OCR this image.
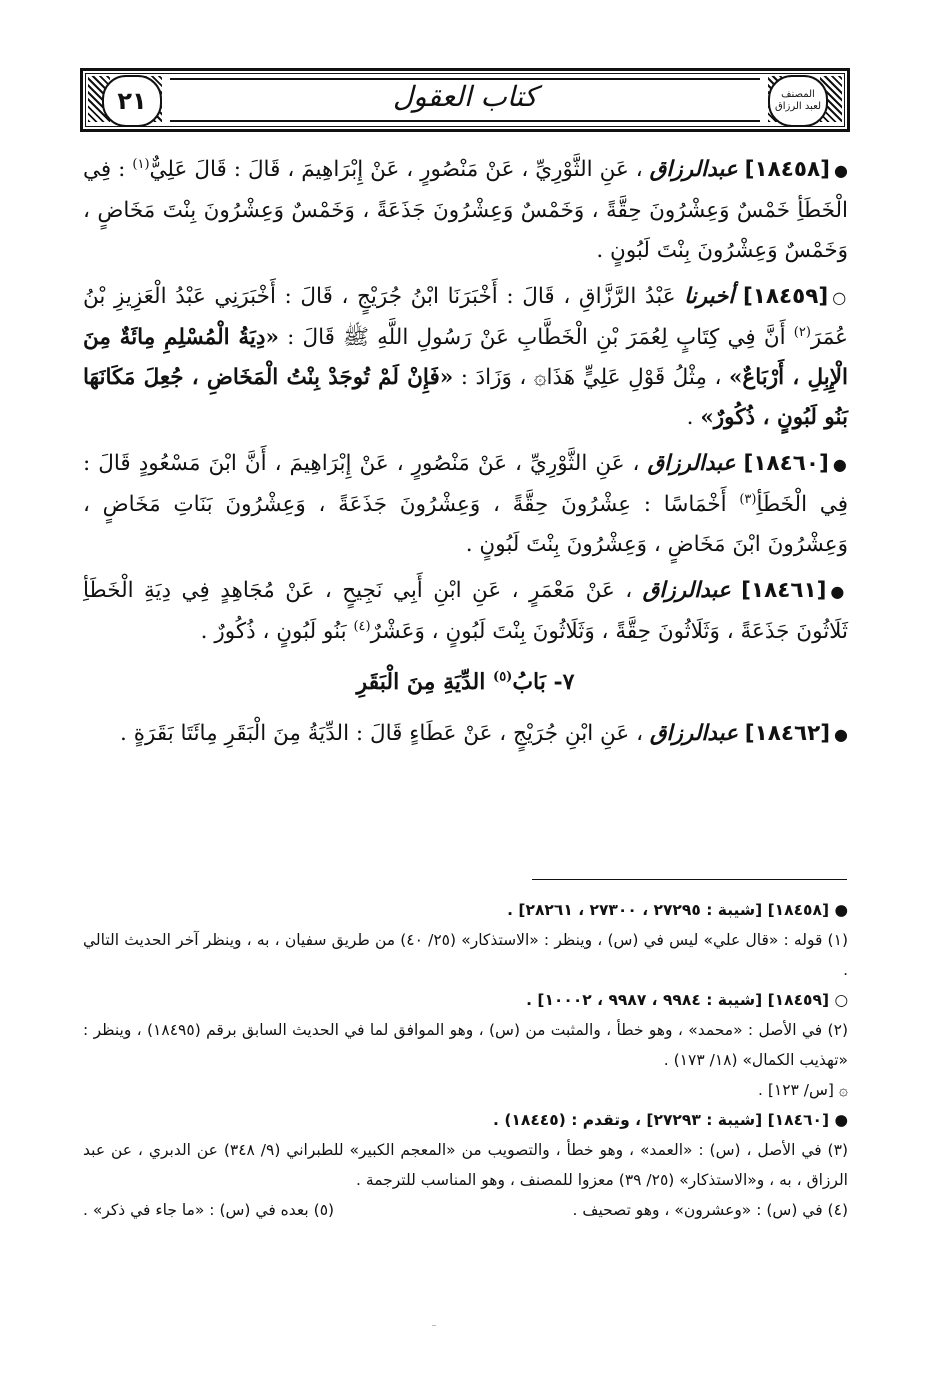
٢١	المصنف
لعبد الرزاق
كتاب العقول

●[١٨٤٥٨] عبدالرزاق ، عَنِ الثَّوْرِيِّ ، عَنْ مَنْصُورٍ ، عَنْ إِبْرَاهِيمَ ، قَالَ : قَالَ عَلِيٌّ$^{(١)}$ : فِي الْخَطَأِ خَمْسٌ وَعِشْرُونَ حِقَّةً ، وَخَمْسٌ وَعِشْرُونَ جَذَعَةً ، وَخَمْسٌ وَعِشْرُونَ بِنْتَ مَخَاضٍ ، وَخَمْسٌ وَعِشْرُونَ بِنْتَ لَبُونٍ .

○[١٨٤٥٩] أخبرنا عَبْدُ الرَّزَّاقِ ، قَالَ : أَخْبَرَنَا ابْنُ جُرَيْجٍ ، قَالَ : أَخْبَرَنِي عَبْدُ الْعَزِيزِ بْنُ عُمَرَ$^{(٢)}$ أَنَّ فِي كِتَابٍ لِعُمَرَ بْنِ الْخَطَّابِ عَنْ رَسُولِ اللَّهِ ﷺ قَالَ : «دِيَةُ الْمُسْلِمِ مِائَةٌ مِنَ الْإِبِلِ ، أَرْبَاعٌ» ، مِثْلُ قَوْلِ عَلِيٍّ هَذَا۞ ، وَزَادَ : «فَإِنْ لَمْ تُوجَدْ بِنْتُ الْمَخَاضِ ، جُعِلَ مَكَانَهَا بَنُو لَبُونٍ ، ذُكُورٌ» .

●[١٨٤٦٠] عبدالرزاق ، عَنِ الثَّوْرِيِّ ، عَنْ مَنْصُورٍ ، عَنْ إِبْرَاهِيمَ ، أَنَّ ابْنَ مَسْعُودٍ قَالَ : فِي الْخَطَأِ$^{(٣)}$ أَخْمَاسًا : عِشْرُونَ حِقَّةً ، وَعِشْرُونَ جَذَعَةً ، وَعِشْرُونَ بَنَاتِ مَخَاضٍ ، وَعِشْرُونَ ابْنَ مَخَاضٍ ، وَعِشْرُونَ بِنْتَ لَبُونٍ .

●[١٨٤٦١] عبدالرزاق ، عَنْ مَعْمَرٍ ، عَنِ ابْنِ أَبِي نَجِيحٍ ، عَنْ مُجَاهِدٍ فِي دِيَةِ الْخَطَأِ ثَلَاثُونَ جَذَعَةً ، وَثَلَاثُونَ حِقَّةً ، وَثَلَاثُونَ بِنْتَ لَبُونٍ ، وَعَشْرٌ$^{(٤)}$ بَنُو لَبُونٍ ، ذُكُورٌ .

٧- بَابُ$^{(٥)}$ الدِّيَةِ مِنَ الْبَقَرِ

●[١٨٤٦٢] عبدالرزاق ، عَنِ ابْنِ جُرَيْجٍ ، عَنْ عَطَاءٍ قَالَ : الدِّيَةُ مِنَ الْبَقَرِ مِائَتَا بَقَرَةٍ .

● [١٨٤٥٨] [شيبة : ٢٧٢٩٥ ، ٢٧٣٠٠ ، ٢٨٢٦١] .

(١) قوله : «قال علي» ليس في (س) ، وينظر : «الاستذكار» (٢٥/ ٤٠) من طريق سفيان ، به ، وينظر آخر الحديث التالي .

○ [١٨٤٥٩] [شيبة : ٩٩٨٤ ، ٩٩٨٧ ، ١٠٠٠٢] .

(٢) في الأصل : «محمد» ، وهو خطأ ، والمثبت من (س) ، وهو الموافق لما في الحديث السابق برقم (١٨٤٩٥) ، وينظر : «تهذيب الكمال» (١٨/ ١٧٣) .

۞ [س/ ١٢٣] .

● [١٨٤٦٠] [شيبة : ٢٧٢٩٣] ، وتقدم : (١٨٤٤٥) .

(٣) في الأصل ، (س) : «العمد» ، وهو خطأ ، والتصويب من «المعجم الكبير» للطبراني (٩/ ٣٤٨) عن الدبري ، عن عبد الرزاق ، به ، و«الاستذكار» (٢٥/ ٣٩) معزوا للمصنف ، وهو المناسب للترجمة .

(٤) في (س) : «وعشرون» ، وهو تصحيف .
(٥) بعده في (س) : «ما جاء في ذكر» .
